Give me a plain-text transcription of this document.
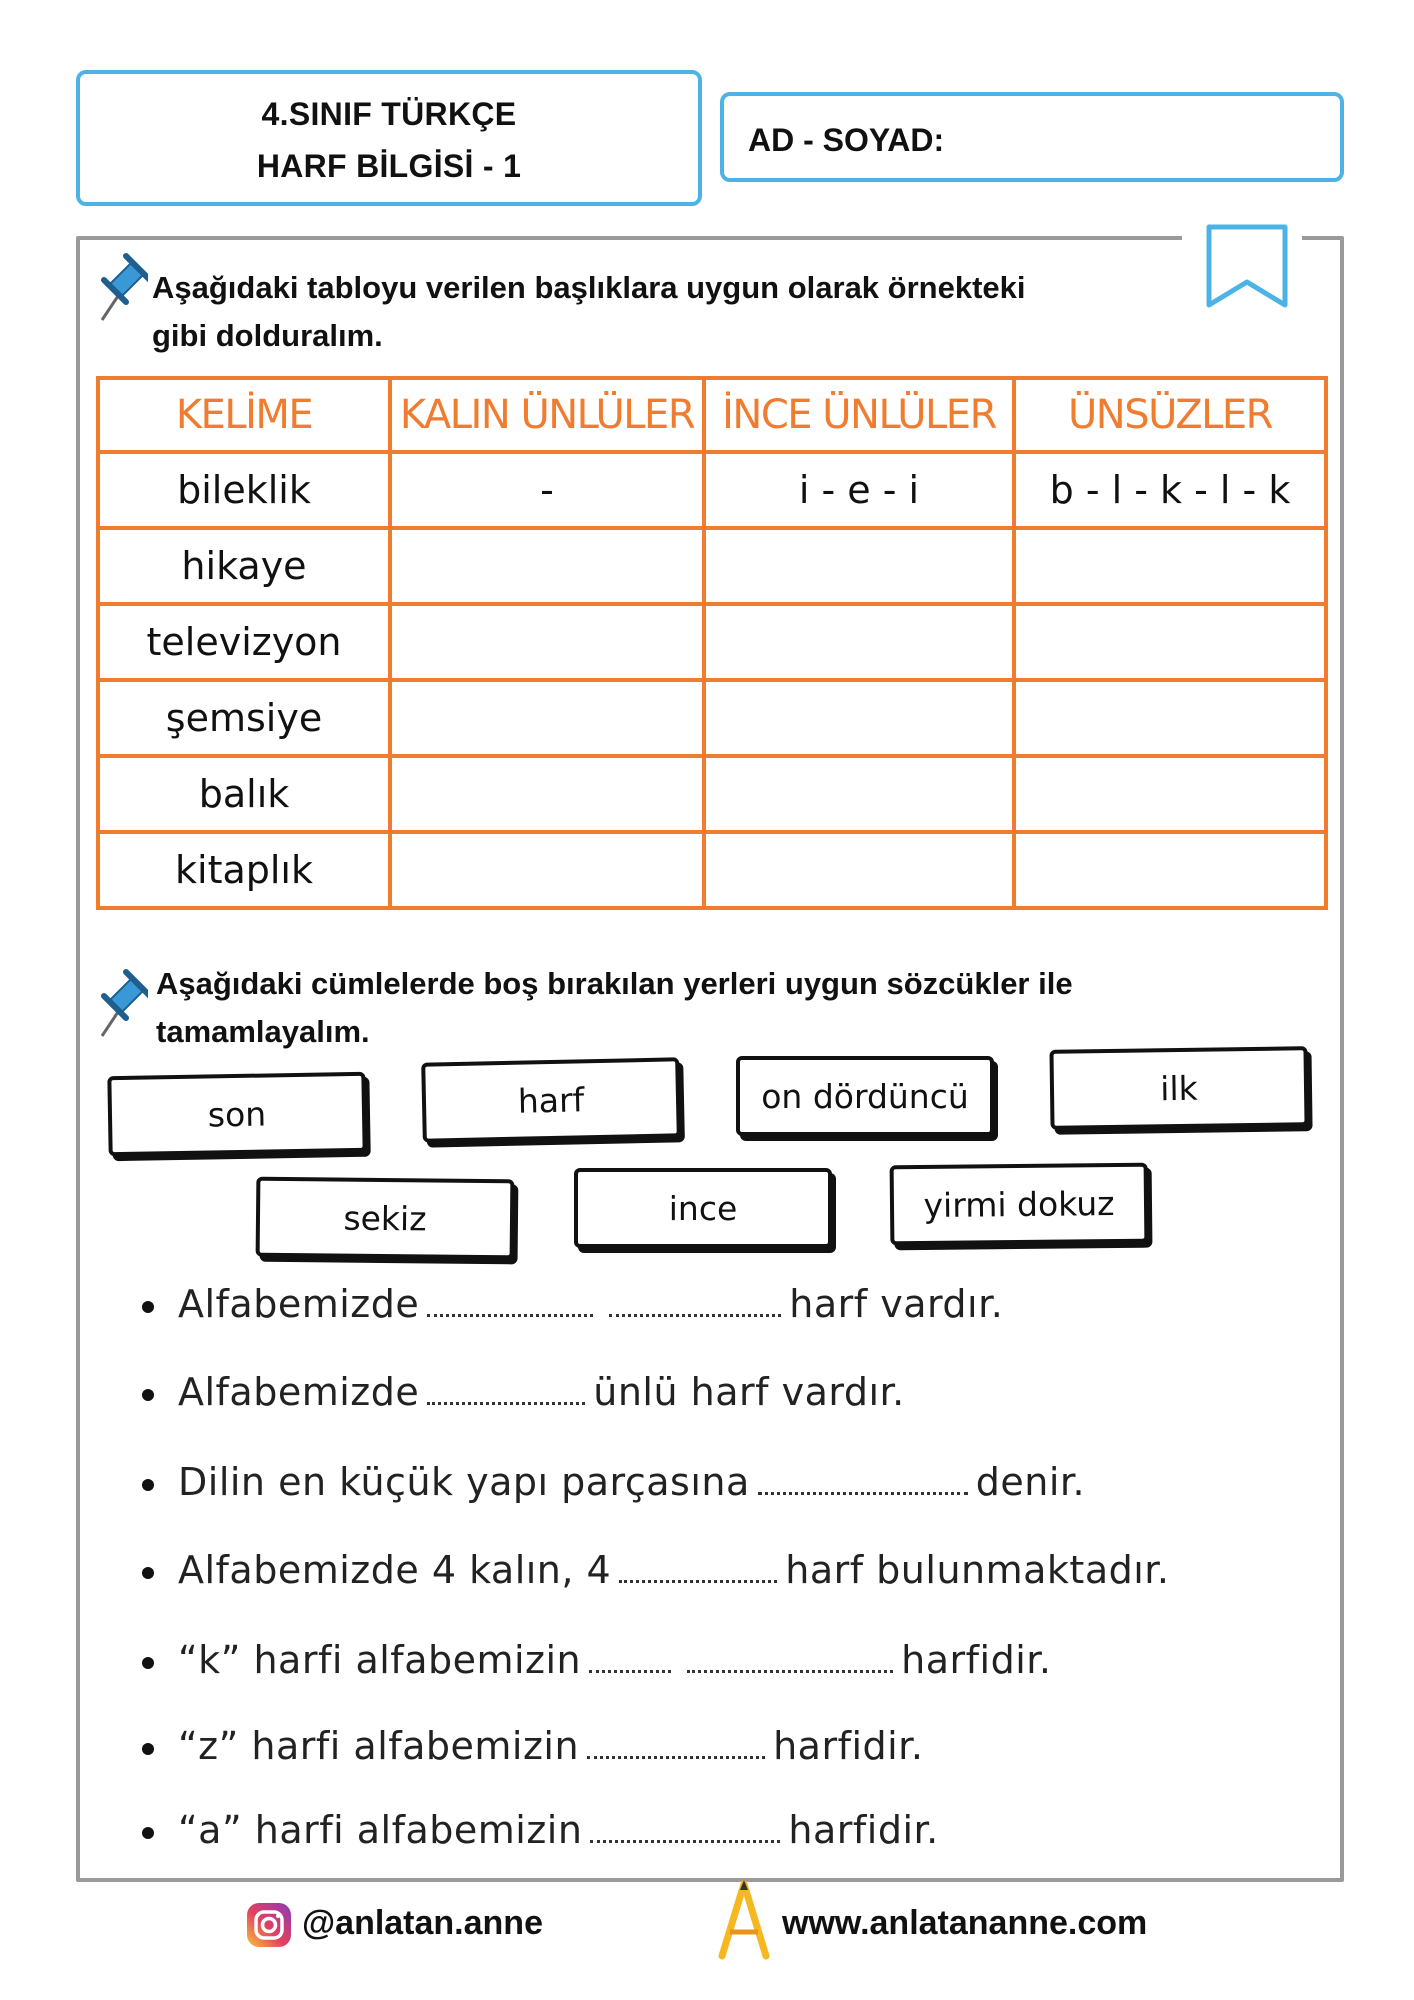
4.SINIF TÜRKÇE
HARF BİLGİSİ - 1
AD - SOYAD:
Aşağıdaki tabloyu verilen başlıklara uygun olarak örnekteki
gibi dolduralım.
KELİME	KALIN ÜNLÜLER	İNCE ÜNLÜLER	ÜNSÜZLER
bileklik	-	i - e - i	b - l - k - l - k
hikaye			
televizyon			
şemsiye			
balık			
kitaplık			
Aşağıdaki cümlelerde boş bırakılan yerleri uygun sözcükler ile
tamamlayalım.
son	harf	on dördüncü	ilk
sekiz	ince	yirmi dokuz
Alfabemizde	harf vardır.
Alfabemizde	ünlü harf vardır.
Dilin en küçük yapı parçasına	denir.
Alfabemizde 4 kalın, 4	harf bulunmaktadır.
“k” harfi alfabemizin	harfidir.
“z” harfi alfabemizin	harfidir.
“a” harfi alfabemizin	harfidir.
@anlatan.anne	www.anlatananne.com
